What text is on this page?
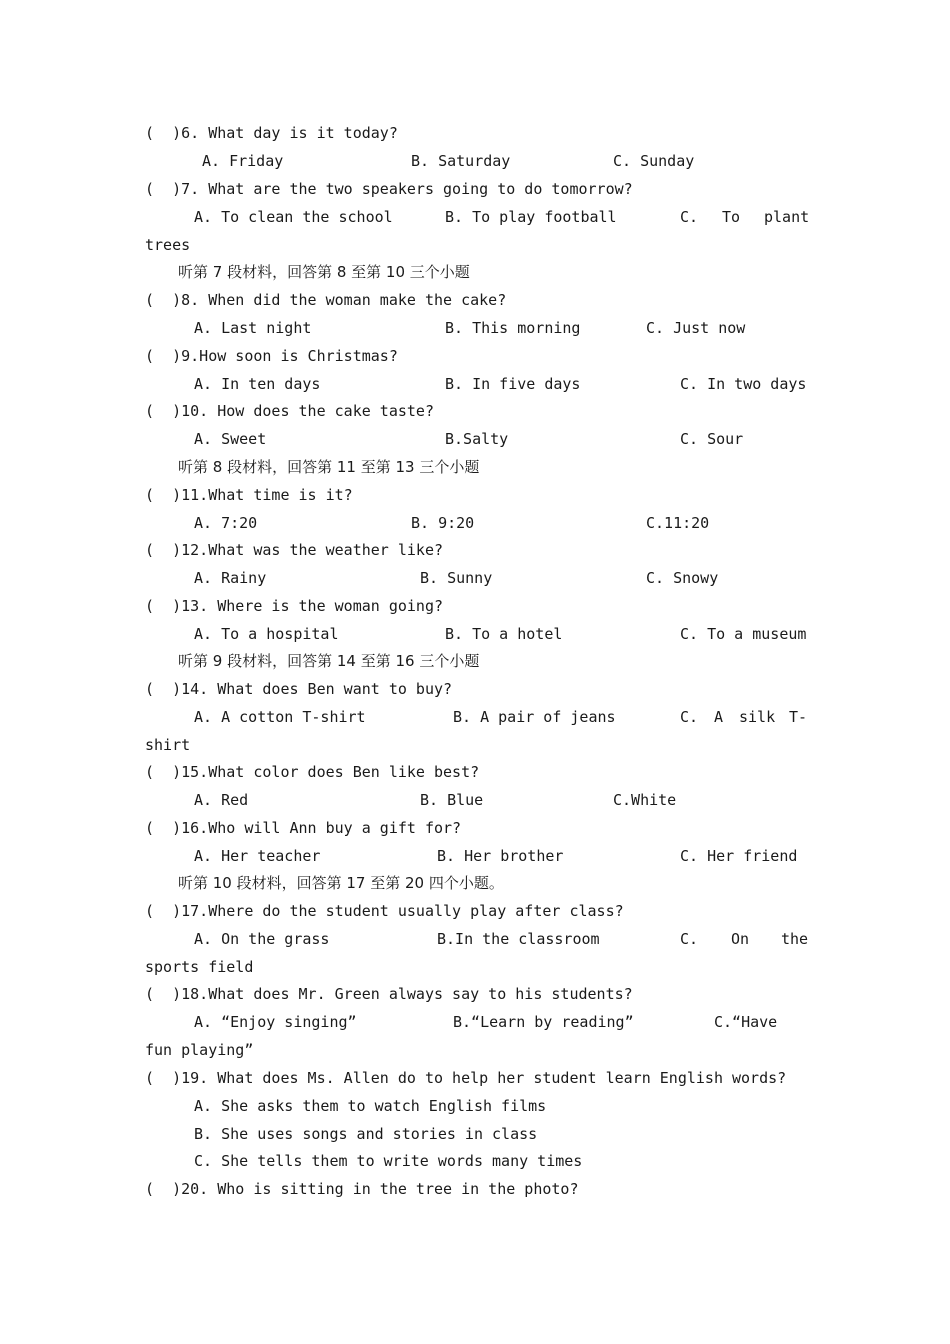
(  )6. What day is it today?
A. Friday	B. Saturday	C. Sunday
(  )7. What are the two speakers going to do tomorrow?
A. To clean the school	B. To play football	C. To plant
trees
听第 7 段材料，回答第 8 至第 10 三个小题
(  )8. When did the woman make the cake?
A. Last night	B. This morning	C. Just now
(  )9.How soon is Christmas?
A. In ten days	B. In five days	C. In two days
(  )10. How does the cake taste?
A. Sweet	B.Salty	C. Sour
听第 8 段材料，回答第 11 至第 13 三个小题
(  )11.What time is it?
A. 7:20	B. 9:20	C.11:20
(  )12.What was the weather like?
A. Rainy	B. Sunny	C. Snowy
(  )13. Where is the woman going?
A. To a hospital	B. To a hotel	C. To a museum
听第 9 段材料，回答第 14 至第 16 三个小题
(  )14. What does Ben want to buy?
A. A cotton T-shirt	B. A pair of jeans	C. A silk T-
shirt
(  )15.What color does Ben like best?
A. Red	B. Blue	C.White
(  )16.Who will Ann buy a gift for?
A. Her teacher	B. Her brother	C. Her friend
听第 10 段材料，回答第 17 至第 20 四个小题。
(  )17.Where do the student usually play after class?
A. On the grass	B.In the classroom	C. On the
sports field
(  )18.What does Mr. Green always say to his students?
A. “Enjoy singing”	B.“Learn by reading”	C.“Have
fun playing”
(  )19. What does Ms. Allen do to help her student learn English words?
A. She asks them to watch English films
B. She uses songs and stories in class
C. She tells them to write words many times
(  )20. Who is sitting in the tree in the photo?
